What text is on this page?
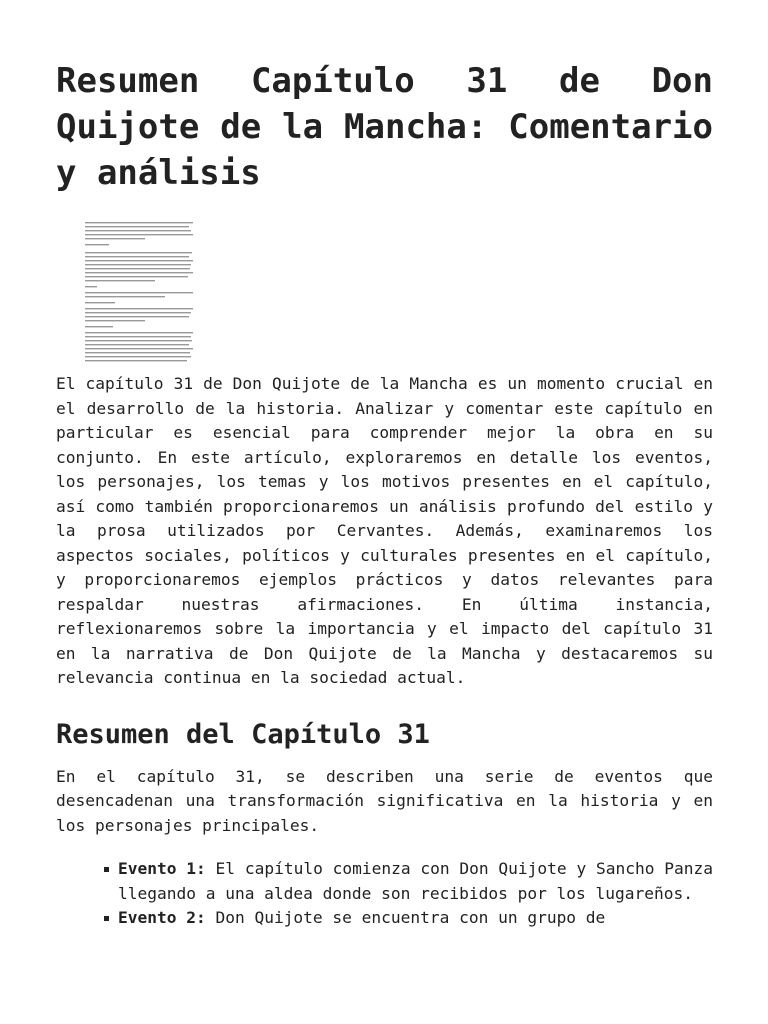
Resumen Capítulo 31 de Don Quijote de la Mancha: Comentario y análisis

El capítulo 31 de Don Quijote de la Mancha es un momento crucial en el desarrollo de la historia. Analizar y comentar este capítulo en particular es esencial para comprender mejor la obra en su conjunto. En este artículo, exploraremos en detalle los eventos, los personajes, los temas y los motivos presentes en el capítulo, así como también proporcionaremos un análisis profundo del estilo y la prosa utilizados por Cervantes. Además, examinaremos los aspectos sociales, políticos y culturales presentes en el capítulo, y proporcionaremos ejemplos prácticos y datos relevantes para respaldar nuestras afirmaciones. En última instancia, reflexionaremos sobre la importancia y el impacto del capítulo 31 en la narrativa de Don Quijote de la Mancha y destacaremos su relevancia continua en la sociedad actual.

Resumen del Capítulo 31

En el capítulo 31, se describen una serie de eventos que desencadenan una transformación significativa en la historia y en los personajes principales.

Evento 1: El capítulo comienza con Don Quijote y Sancho Panza llegando a una aldea donde son recibidos por los lugareños.
Evento 2: Don Quijote se encuentra con un grupo de
